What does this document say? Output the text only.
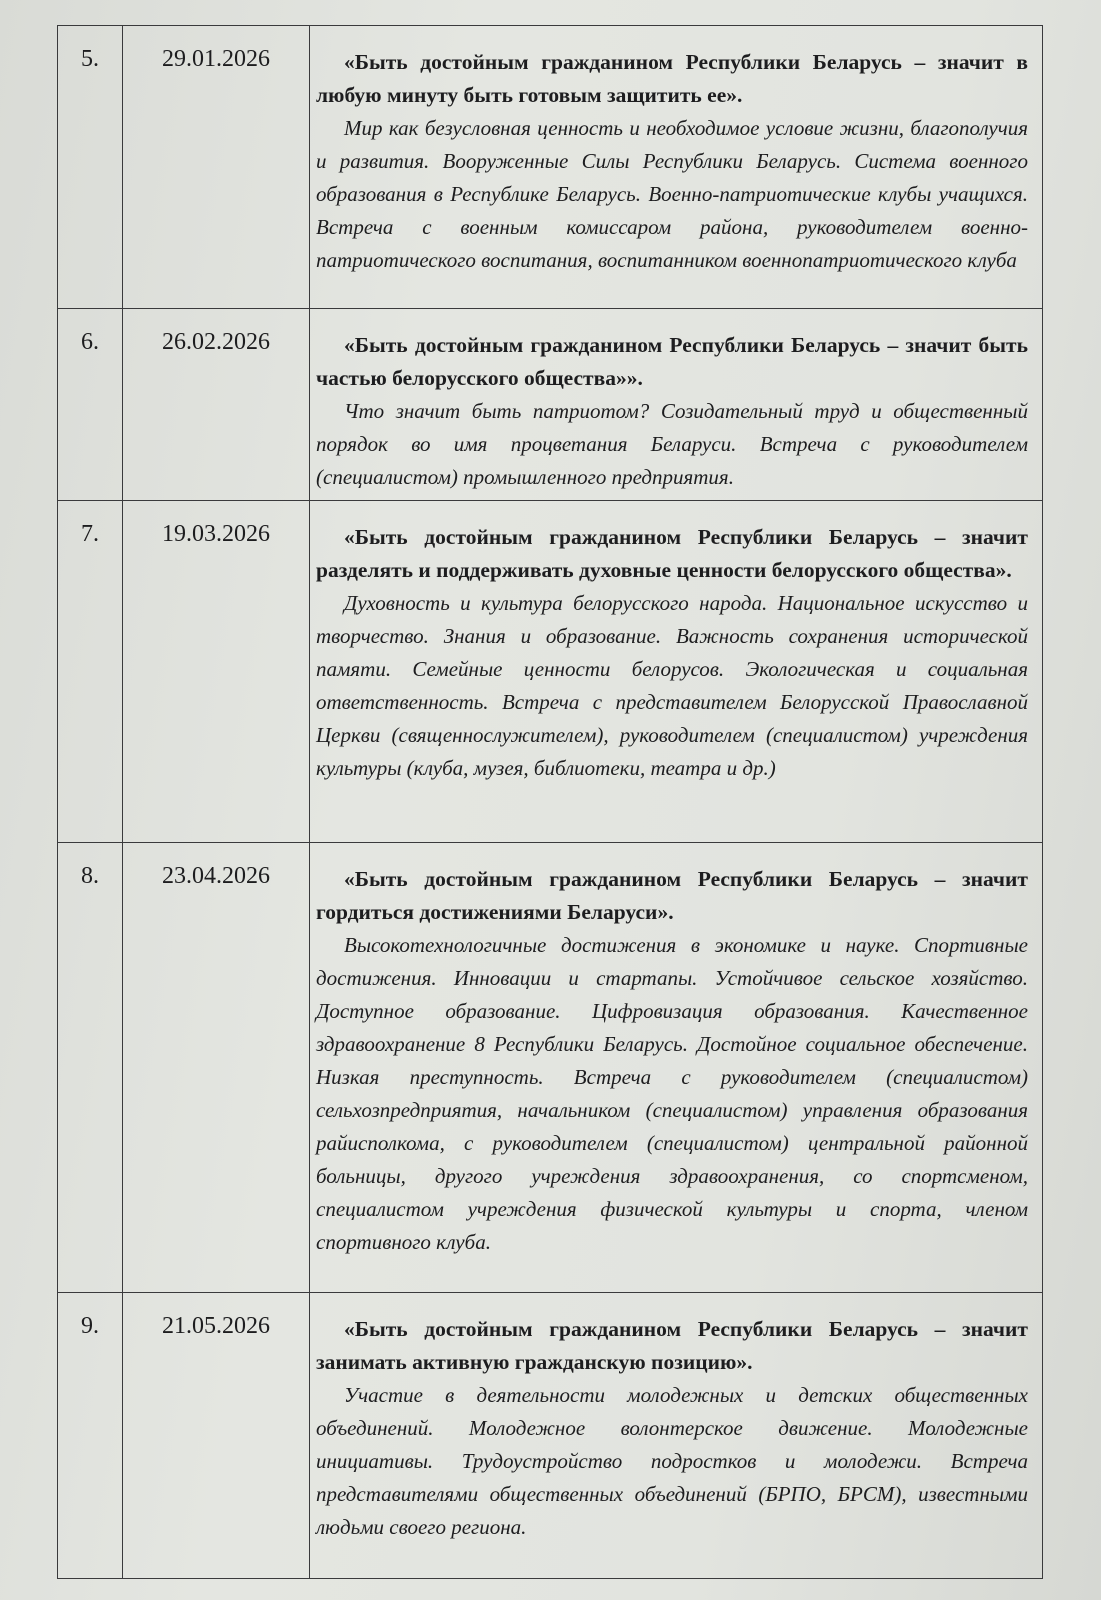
5.	29.01.2026	«Быть достойным гражданином Республики Беларусь – значит в любую минуту быть готовым защитить ее».

Мир как безусловная ценность и необходимое условие жизни, благополучия и развития. Вооруженные Силы Республики Беларусь. Система военного образования в Республике Беларусь. Военно-патриотические клубы учащихся. Встреча с военным комиссаром района, руководителем военно-патриотического воспитания, воспитанником военнопатриотического клуба

6.	26.02.2026	«Быть достойным гражданином Республики Беларусь – значит быть частью белорусского общества»».

Что значит быть патриотом? Созидательный труд и общественный порядок во имя процветания Беларуси. Встреча с руководителем (специалистом) промышленного предприятия.

7.	19.03.2026	«Быть достойным гражданином Республики Беларусь – значит разделять и поддерживать духовные ценности белорусского общества».

Духовность и культура белорусского народа. Национальное искусство и творчество. Знания и образование. Важность сохранения исторической памяти. Семейные ценности белорусов. Экологическая и социальная ответственность. Встреча с представителем Белорусской Православной Церкви (священнослужителем), руководителем (специалистом) учреждения культуры (клуба, музея, библиотеки, театра и др.)

8.	23.04.2026	«Быть достойным гражданином Республики Беларусь – значит гордиться достижениями Беларуси».

Высокотехнологичные достижения в экономике и науке. Спортивные достижения. Инновации и стартапы. Устойчивое сельское хозяйство. Доступное образование. Цифровизация образования. Качественное здравоохранение 8 Республики Беларусь. Достойное социальное обеспечение. Низкая преступность. Встреча с руководителем (специалистом) сельхозпредприятия, начальником (специалистом) управления образования райисполкома, с руководителем (специалистом) центральной районной больницы, другого учреждения здравоохранения, со спортсменом, специалистом учреждения физической культуры и спорта, членом спортивного клуба.

9.	21.05.2026	«Быть достойным гражданином Республики Беларусь – значит занимать активную гражданскую позицию».

Участие в деятельности молодежных и детских общественных объединений. Молодежное волонтерское движение. Молодежные инициативы. Трудоустройство подростков и молодежи. Встреча представителями общественных объединений (БРПО, БРСМ), известными людьми своего региона.
